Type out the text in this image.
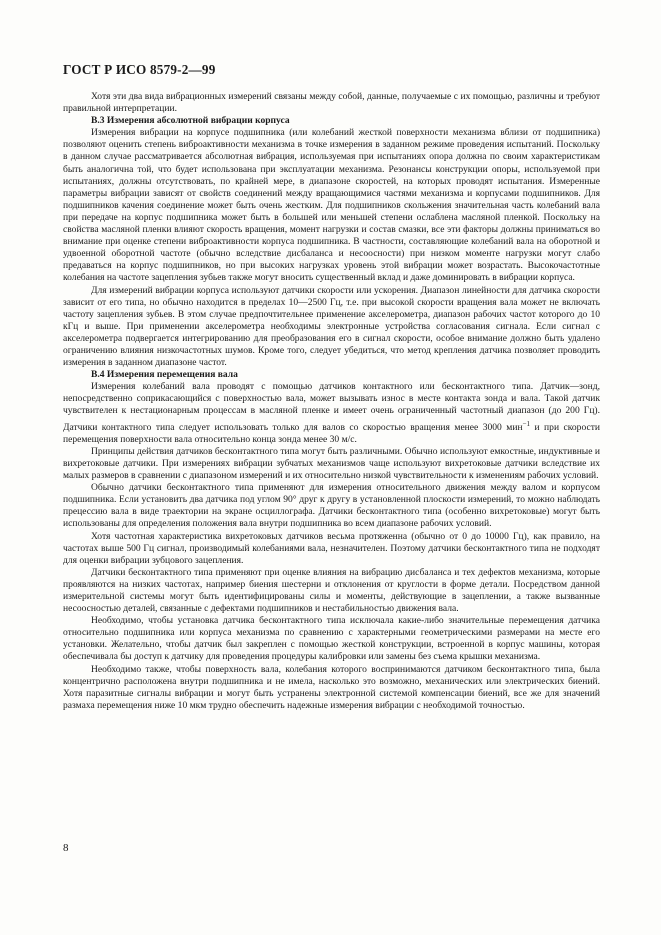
ГОСТ Р ИСО 8579-2—99

Хотя эти два вида вибрационных измерений связаны между собой, данные, получаемые с их помощью, различны и требуют правильной интерпретации.

В.3 Измерения абсолютной вибрации корпуса

Измерения вибрации на корпусе подшипника (или колебаний жесткой поверхности механизма вблизи от подшипника) позволяют оценить степень виброактивности механизма в точке измерения в заданном режиме проведения испытаний. Поскольку в данном случае рассматривается абсолютная вибрация, используемая при испытаниях опора должна по своим характеристикам быть аналогична той, что будет использована при эксплуатации механизма. Резонансы конструкции опоры, используемой при испытаниях, должны отсутствовать, по крайней мере, в диапазоне скоростей, на которых проводят испытания. Измеренные параметры вибрации зависят от свойств соединений между вращающимися частями механизма и корпусами подшипников. Для подшипников качения соединение может быть очень жестким. Для подшипников скольжения значительная часть колебаний вала при передаче на корпус подшипника может быть в большей или меньшей степени ослаблена масляной пленкой. Поскольку на свойства масляной пленки влияют скорость вращения, момент нагрузки и состав смазки, все эти факторы должны приниматься во внимание при оценке степени виброактивности корпуса подшипника. В частности, составляющие колебаний вала на оборотной и удвоенной оборотной частоте (обычно вследствие дисбаланса и несоосности) при низком моменте нагрузки могут слабо предаваться на корпус подшипников, но при высоких нагрузках уровень этой вибрации может возрастать. Высокочастотные колебания на частоте зацепления зубьев также могут вносить существенный вклад и даже доминировать в вибрации корпуса.

Для измерений вибрации корпуса используют датчики скорости или ускорения. Диапазон линейности для датчика скорости зависит от его типа, но обычно находится в пределах 10—2500 Гц, т.е. при высокой скорости вращения вала может не включать частоту зацепления зубьев. В этом случае предпочтительнее применение акселерометра, диапазон рабочих частот которого до 10 кГц и выше. При применении акселерометра необходимы электронные устройства согласования сигнала. Если сигнал с акселерометра подвергается интегрированию для преобразования его в сигнал скорости, особое внимание должно быть удалено ограничению влияния низкочастотных шумов. Кроме того, следует убедиться, что метод крепления датчика позволяет проводить измерения в заданном диапазоне частот.

В.4 Измерения перемещения вала

Измерения колебаний вала проводят с помощью датчиков контактного или бесконтактного типа. Датчик—зонд, непосредственно соприкасающийся с поверхностью вала, может вызывать износ в месте контакта зонда и вала. Такой датчик чувствителен к нестационарным процессам в масляной пленке и имеет очень ограниченный частотный диапазон (до 200 Гц). Датчики контактного типа следует использовать только для валов со скоростью вращения менее 3000 мин$^{-1}$ и при скорости перемещения поверхности вала относительно конца зонда менее 30 м/с.

Принципы действия датчиков бесконтактного типа могут быть различными. Обычно используют емкостные, индуктивные и вихретоковые датчики. При измерениях вибрации зубчатых механизмов чаще используют вихретоковые датчики вследствие их малых размеров в сравнении с диапазоном измерений и их относительно низкой чувствительности к изменениям рабочих условий.

Обычно датчики бесконтактного типа применяют для измерения относительного движения между валом и корпусом подшипника. Если установить два датчика под углом 90° друг к другу в установленной плоскости измерений, то можно наблюдать прецессию вала в виде траектории на экране осциллографа. Датчики бесконтактного типа (особенно вихретоковые) могут быть использованы для определения положения вала внутри подшипника во всем диапазоне рабочих условий.

Хотя частотная характеристика вихретоковых датчиков весьма протяженна (обычно от 0 до 10000 Гц), как правило, на частотах выше 500 Гц сигнал, производимый колебаниями вала, незначителен. Поэтому датчики бесконтактного типа не подходят для оценки вибрации зубцового зацепления.

Датчики бесконтактного типа применяют при оценке влияния на вибрацию дисбаланса и тех дефектов механизма, которые проявляются на низких частотах, например биения шестерни и отклонения от круглости в форме детали. Посредством данной измерительной системы могут быть идентифицированы силы и моменты, действующие в зацеплении, а также вызванные несоосностью деталей, связанные с дефектами подшипников и нестабильностью движения вала.

Необходимо, чтобы установка датчика бесконтактного типа исключала какие-либо значительные перемещения датчика относительно подшипника или корпуса механизма по сравнению с характерными геометрическими размерами на месте его установки. Желательно, чтобы датчик был закреплен с помощью жесткой конструкции, встроенной в корпус машины, которая обеспечивала бы доступ к датчику для проведения процедуры калибровки или замены без съема крышки механизма.

Необходимо также, чтобы поверхность вала, колебания которого воспринимаются датчиком бесконтактного типа, была концентрично расположена внутри подшипника и не имела, насколько это возможно, механических или электрических биений. Хотя паразитные сигналы вибрации и могут быть устранены электронной системой компенсации биений, все же для значений размаха перемещения ниже 10 мкм трудно обеспечить надежные измерения вибрации с необходимой точностью.

8
